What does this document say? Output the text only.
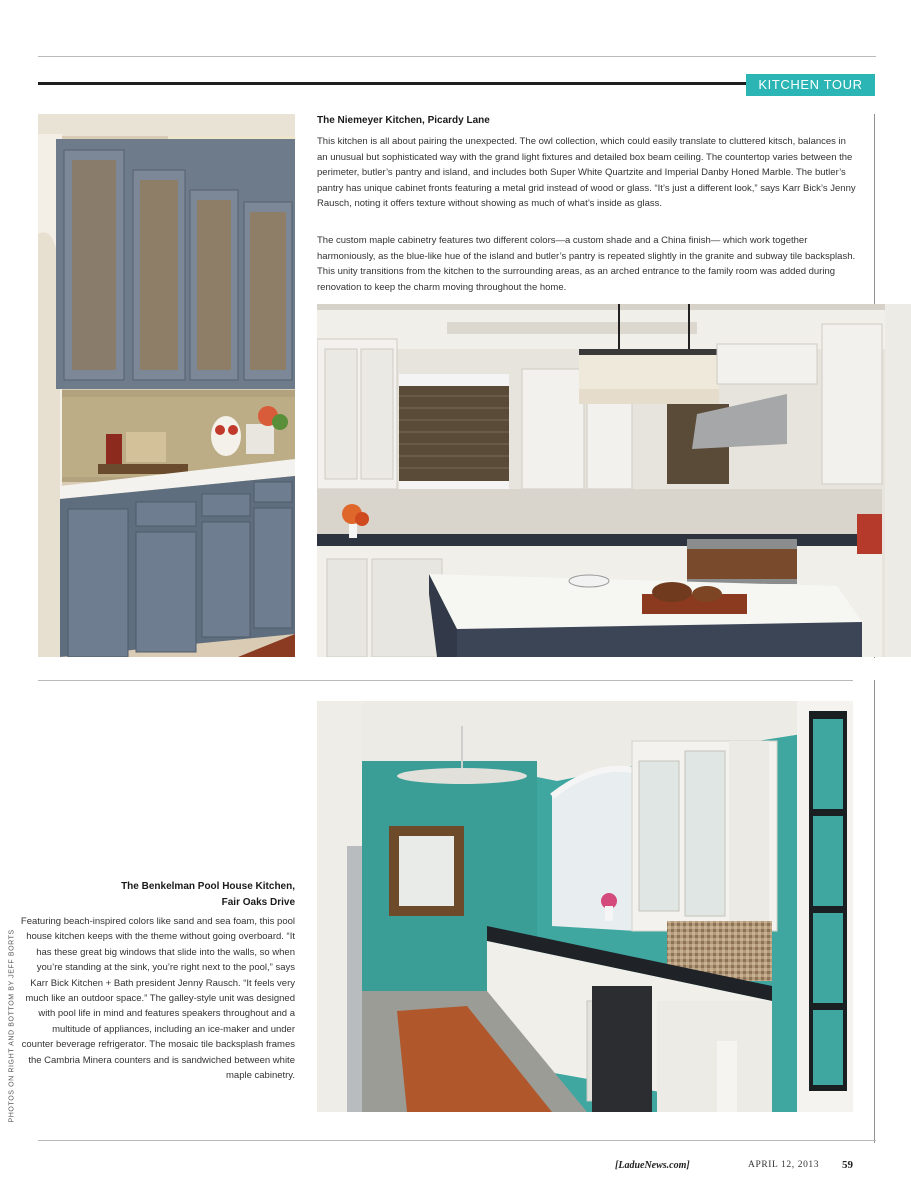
KITCHEN TOUR
The Niemeyer Kitchen, Picardy Lane
This kitchen is all about pairing the unexpected. The owl collection, which could easily translate to cluttered kitsch, balances in an unusual but sophisticated way with the grand light fixtures and detailed box beam ceiling. The countertop varies between the perimeter, butler’s pantry and island, and includes both Super White Quartzite and Imperial Danby Honed Marble. The butler’s pantry has unique cabinet fronts featuring a metal grid instead of wood or glass. “It’s just a different look,” says Karr Bick’s Jenny Rausch, noting it offers texture without showing as much of what’s inside as glass.
The custom maple cabinetry features two different colors—a custom shade and a China finish— which work together harmoniously, as the blue-like hue of the island and butler’s pantry is repeated slightly in the granite and subway tile backsplash. This unity transitions from the kitchen to the surrounding areas, as an arched entrance to the family room was added during renovation to keep the charm moving throughout the home.
The Benkelman Pool House Kitchen,
Fair Oaks Drive
Featuring beach-inspired colors like sand and sea foam, this pool house kitchen keeps with the theme without going overboard. “It has these great big windows that slide into the walls, so when you’re standing at the sink, you’re right next to the pool,” says Karr Bick Kitchen + Bath president Jenny Rausch. “It feels very much like an outdoor space.” The galley-style unit was designed with pool life in mind and features speakers throughout and a multitude of appliances, including an ice-maker and under counter beverage refrigerator. The mosaic tile backsplash frames the Cambria Minera counters and is sandwiched between white maple cabinetry.
PHOTOS ON RIGHT AND BOTTOM BY JEFF BORTS
[LadueNews.com]	APRIL 12, 2013 59
